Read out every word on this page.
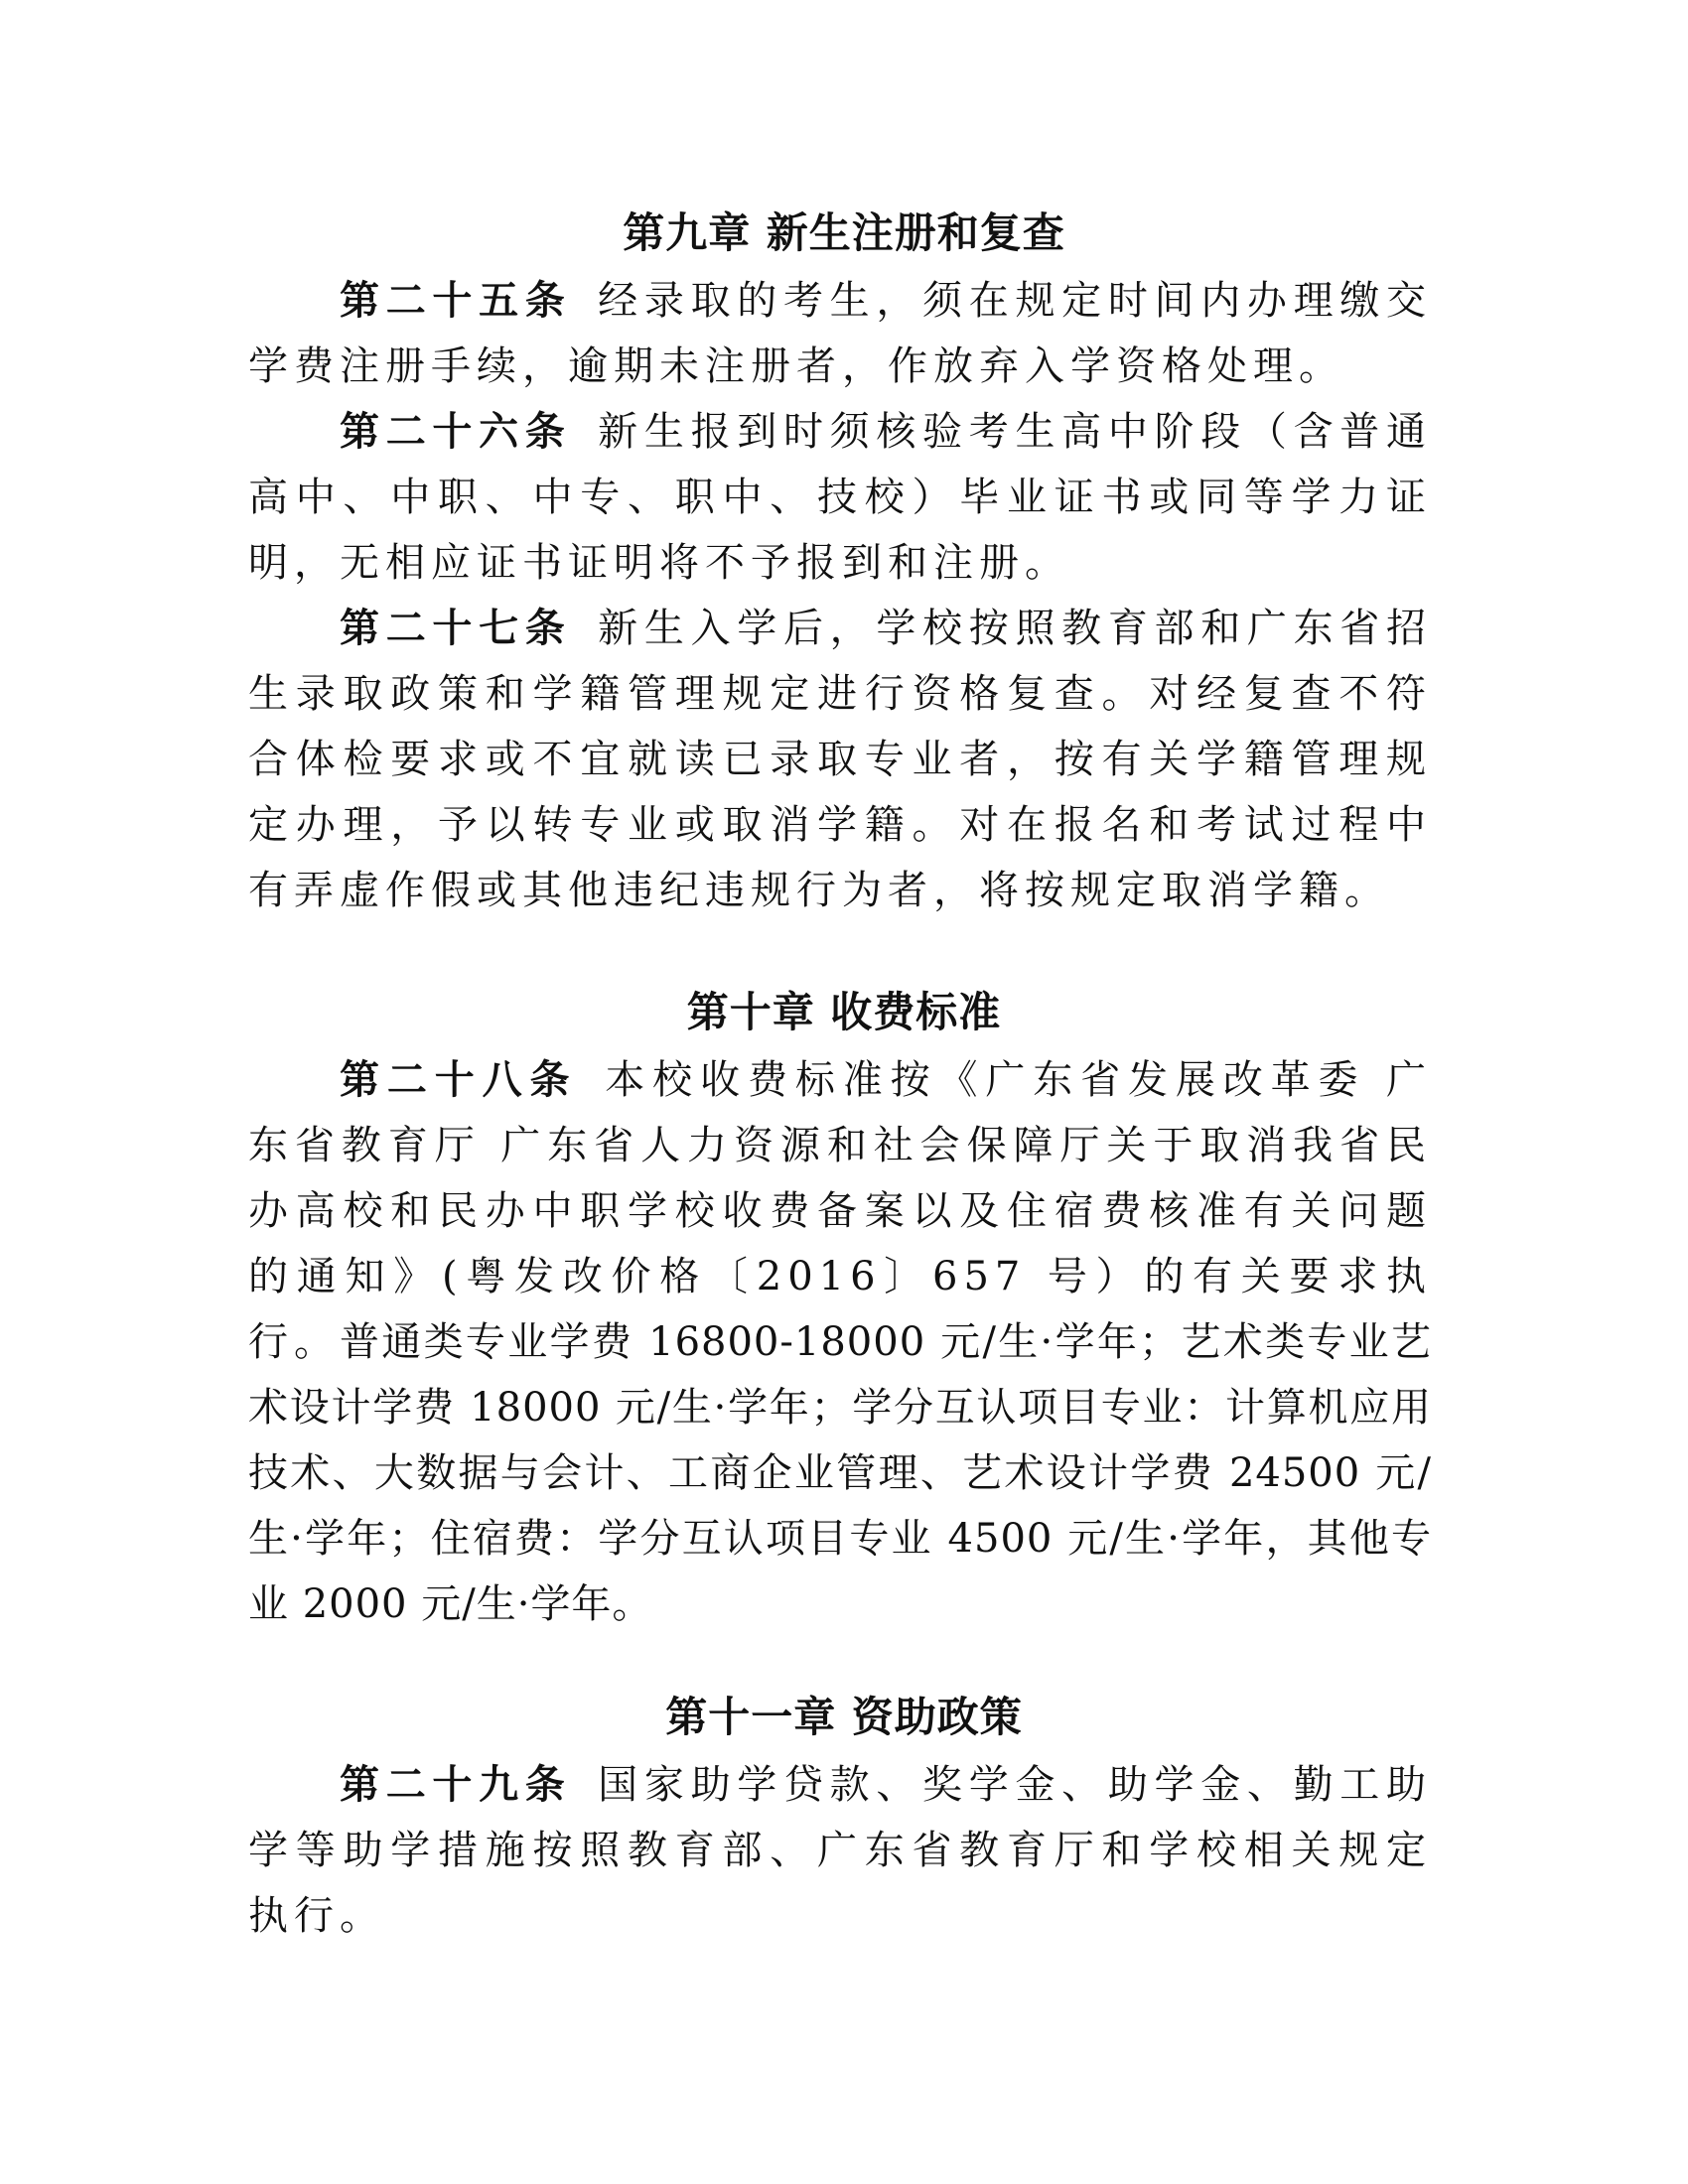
第九章 新生注册和复查

第二十五条 经录取的考生，须在规定时间内办理缴交学费注册手续，逾期未注册者，作放弃入学资格处理。

第二十六条 新生报到时须核验考生高中阶段（含普通高中、中职、中专、职中、技校）毕业证书或同等学力证明，无相应证书证明将不予报到和注册。

第二十七条 新生入学后，学校按照教育部和广东省招生录取政策和学籍管理规定进行资格复查。对经复查不符合体检要求或不宜就读已录取专业者，按有关学籍管理规定办理，予以转专业或取消学籍。对在报名和考试过程中有弄虚作假或其他违纪违规行为者，将按规定取消学籍。

第十章 收费标准

第二十八条 本校收费标准按《广东省发展改革委 广东省教育厅 广东省人力资源和社会保障厅关于取消我省民办高校和民办中职学校收费备案以及住宿费核准有关问题的通知》(粤发改价格〔2016〕657 号）的有关要求执行。 普通类专业学费 16800-18000 元/生·学年；艺术类专业艺术设计学费 18000 元/生·学年；学分互认项目专业：计算机应用技术、大数据与会计、工商企业管理、艺术设计学费 24500 元/生·学年；住宿费：学分互认项目专业 4500 元/生·学年，其他专业 2000 元/生·学年。

第十一章 资助政策

第二十九条 国家助学贷款、奖学金、助学金、勤工助学等助学措施按照教育部、广东省教育厅和学校相关规定执行。
